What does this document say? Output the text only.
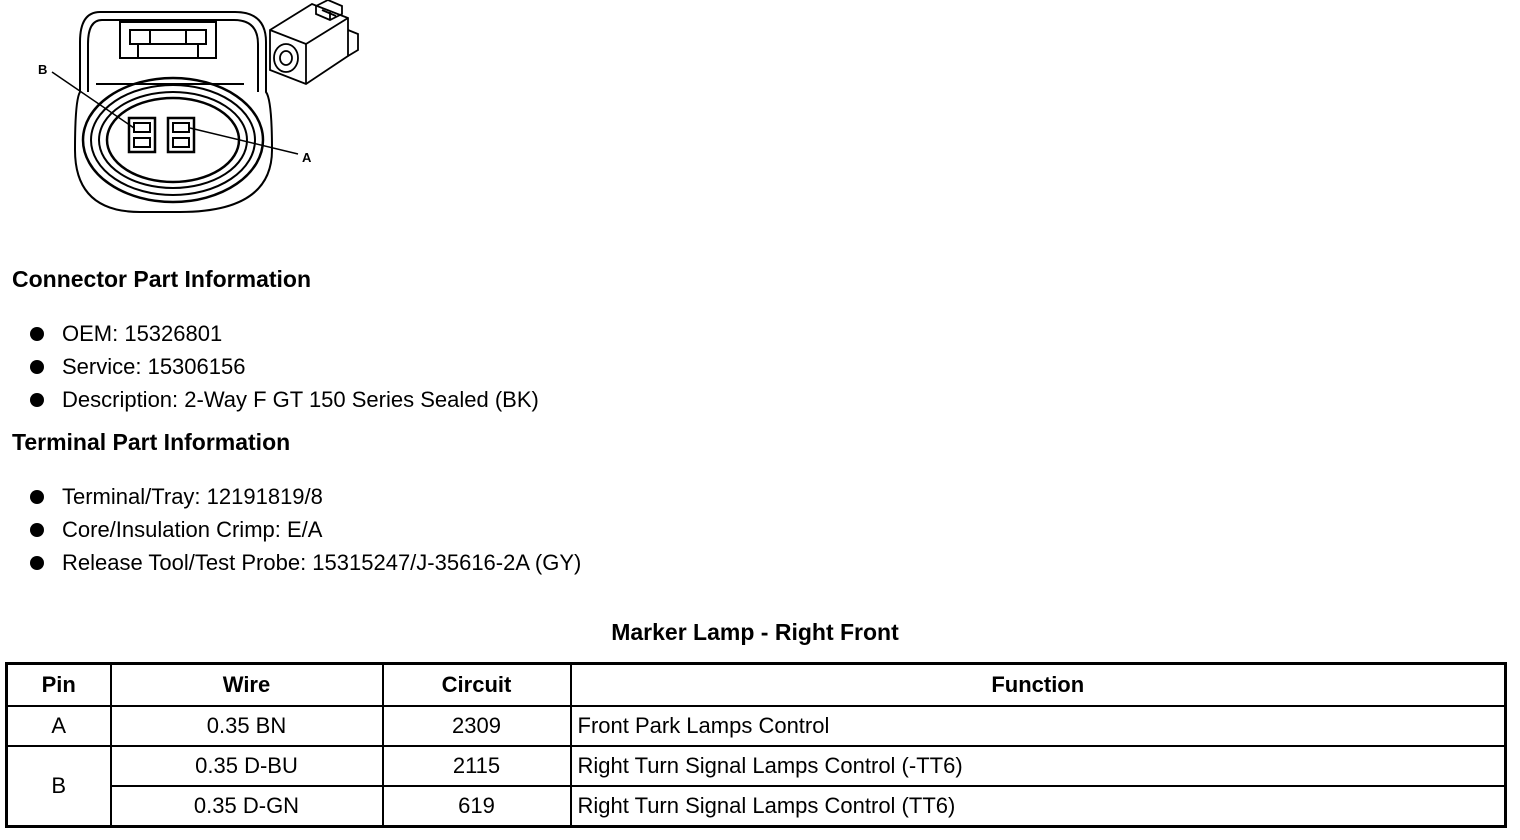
B
A
Connector Part Information
OEM: 15326801
Service: 15306156
Description: 2-Way F GT 150 Series Sealed (BK)
Terminal Part Information
Terminal/Tray: 12191819/8
Core/Insulation Crimp: E/A
Release Tool/Test Probe: 15315247/J-35616-2A (GY)
Marker Lamp - Right Front
Pin	Wire	Circuit	Function
A	0.35 BN	2309	Front Park Lamps Control
B	0.35 D-BU	2115	Right Turn Signal Lamps Control (-TT6)
	0.35 D-GN	619	Right Turn Signal Lamps Control (TT6)
